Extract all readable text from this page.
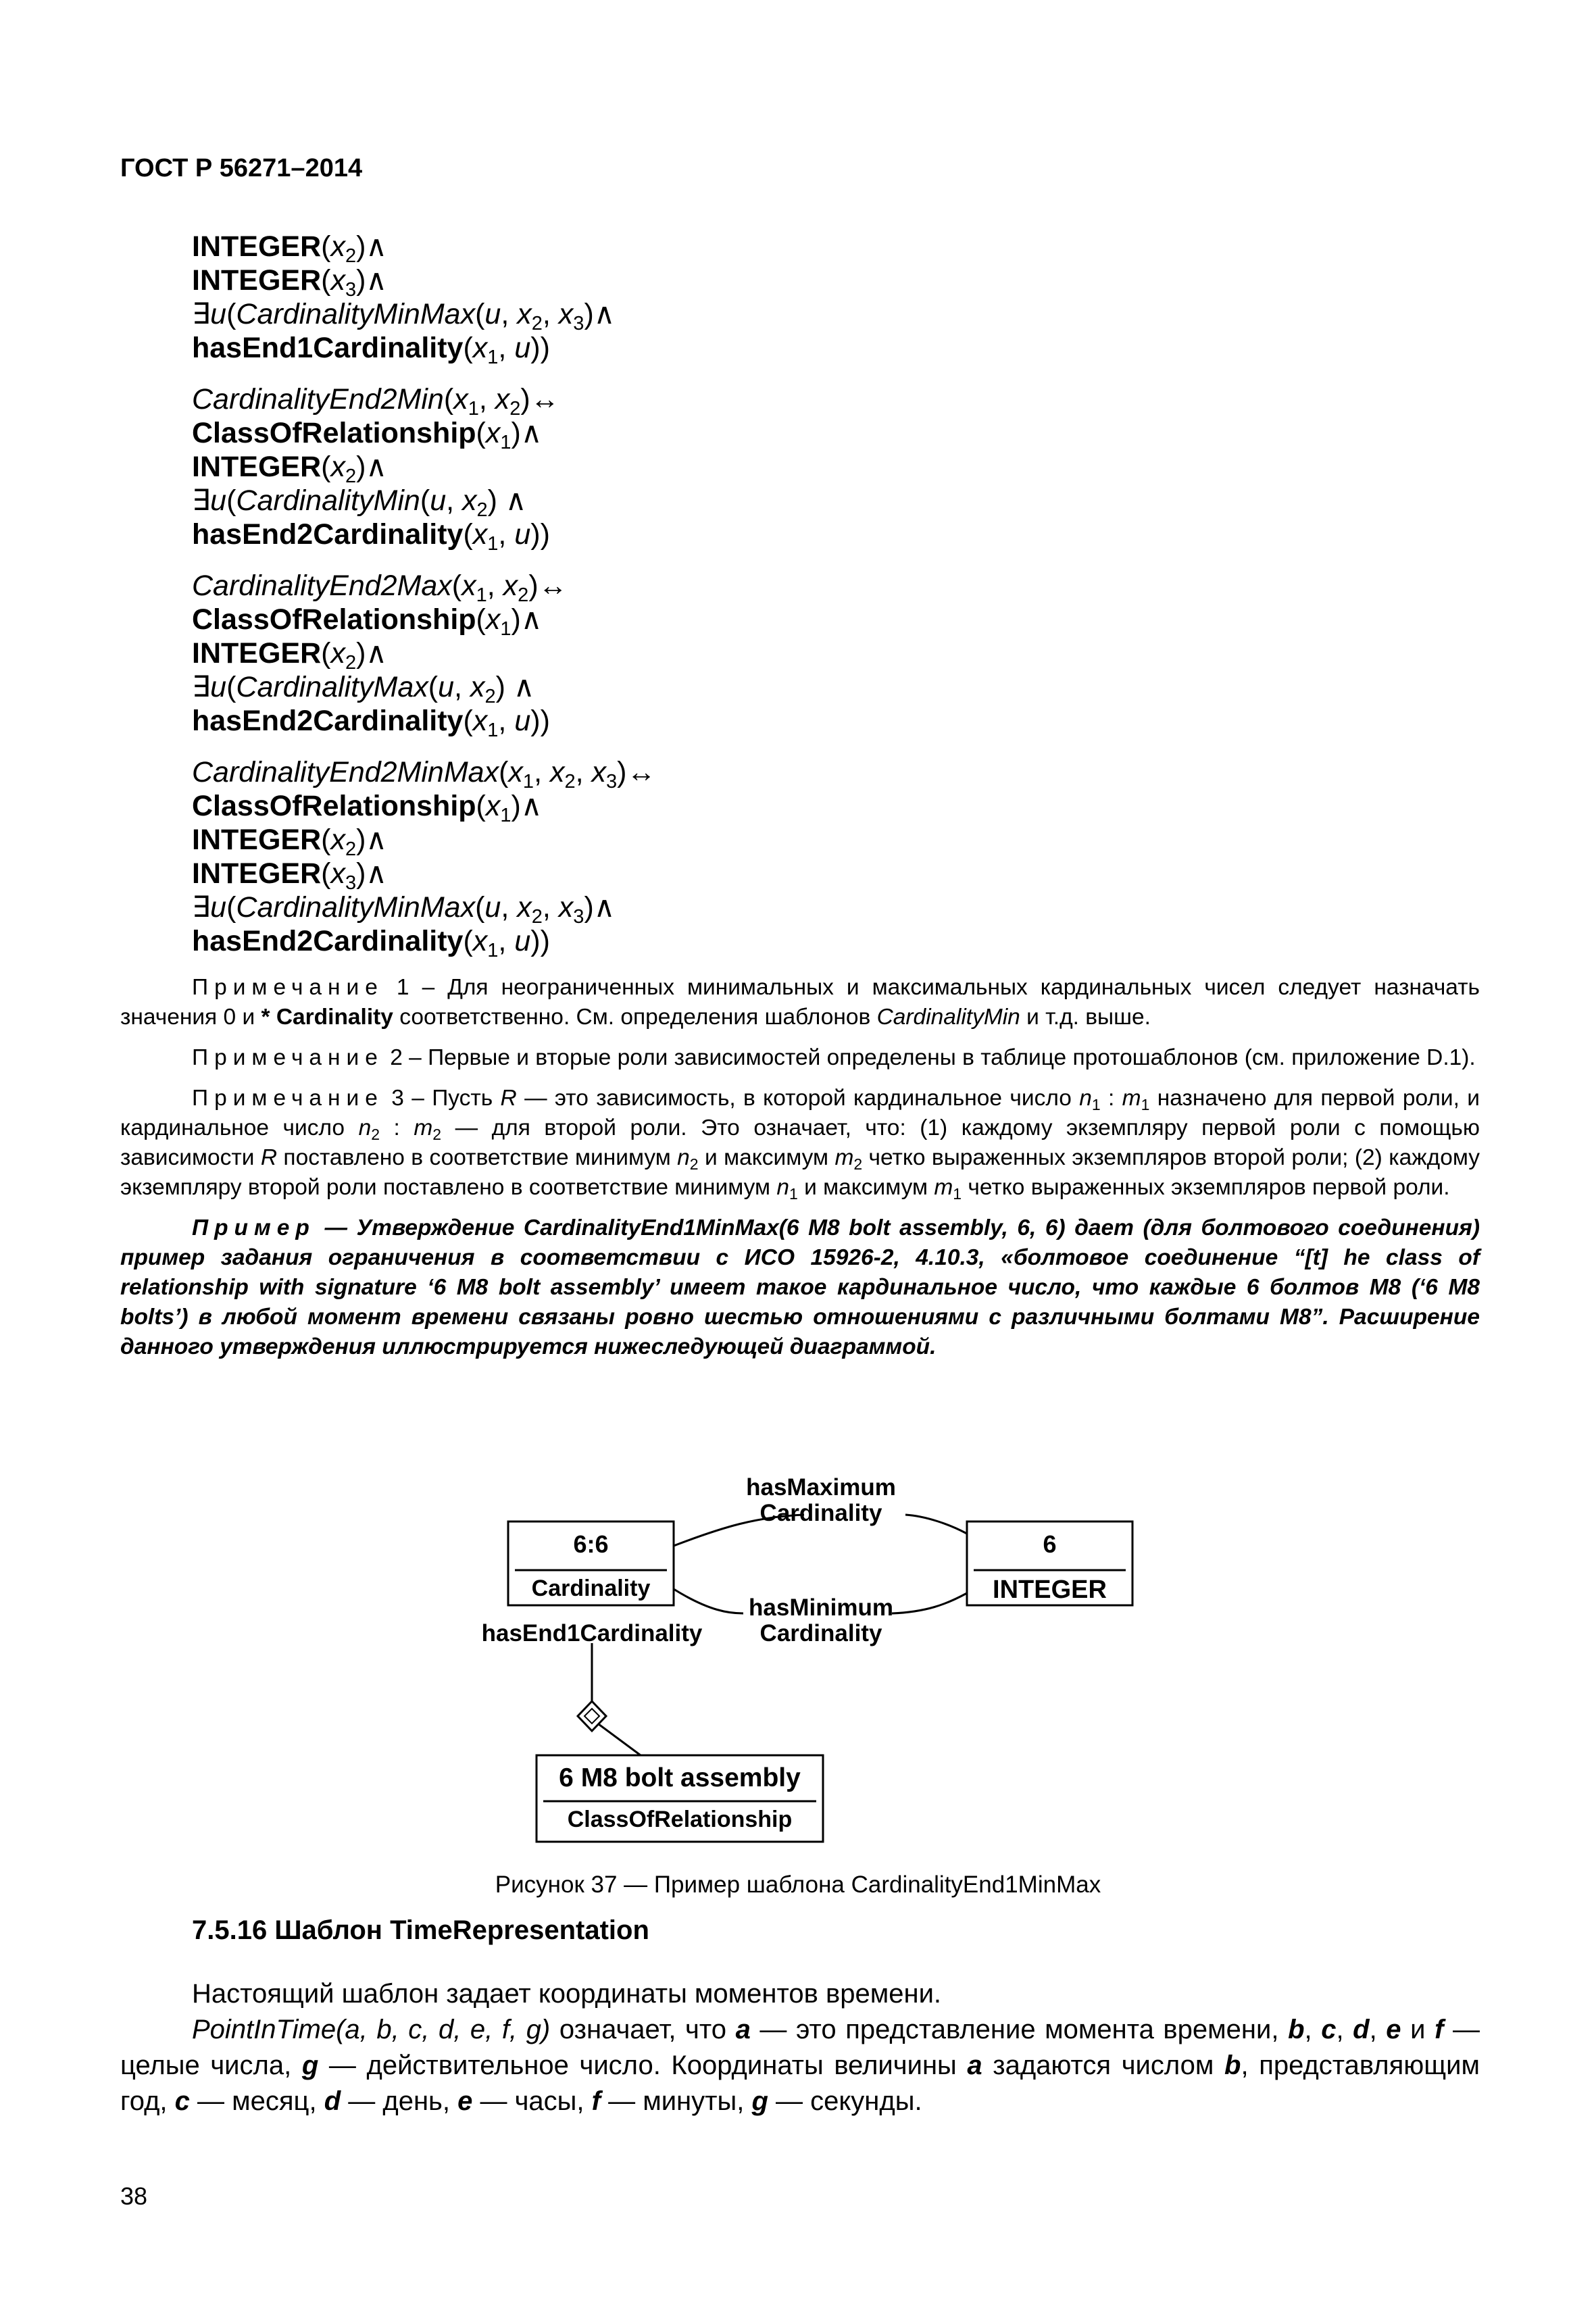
ГОСТ Р 56271–2014
$INTEGER(x_2)\wedge$
$INTEGER(x_3)\wedge$
∃u(CardinalityMinMax(u, $x_2$, $x_3)\wedge$
$hasEnd1Cardinality(x_1$, u))
$CardinalityEnd2Min(x_1$, $x_2)\leftrightarrow$
$ClassOfRelationship(x_1)\wedge$
$INTEGER(x_2)\wedge$
∃u(CardinalityMin(u, $x_2$) ∧
$hasEnd2Cardinality(x_1$, u))
$CardinalityEnd2Max(x_1$, $x_2)\leftrightarrow$
$ClassOfRelationship(x_1)\wedge$
$INTEGER(x_2)\wedge$
∃u(CardinalityMax(u, $x_2$) ∧
$hasEnd2Cardinality(x_1$, u))
$CardinalityEnd2MinMax(x_1$, $x_2$, $x_3)\leftrightarrow$
$ClassOfRelationship(x_1)\wedge$
$INTEGER(x_2)\wedge$
$INTEGER(x_3)\wedge$
∃u(CardinalityMinMax(u, $x_2$, $x_3)\wedge$
$hasEnd2Cardinality(x_1$, u))

Примечание 1 – Для неограниченных минимальных и максимальных кардинальных чисел следует назначать значения 0 и * Cardinality соответственно. См. определения шаблонов CardinalityMin и т.д. выше.

Примечание 2 – Первые и вторые роли зависимостей определены в таблице протошаблонов (см. приложение D.1).

Примечание 3 – Пусть R — это зависимость, в которой кардинальное число $n_1$ : $m_1$ назначено для первой роли, и кардинальное число $n_2$ : $m_2$ — для второй роли. Это означает, что: (1) каждому экземпляру первой роли с помощью зависимости R поставлено в соответствие минимум $n_2$ и максимум $m_2$ четко выраженных экземпляров второй роли; (2) каждому экземпляру второй роли поставлено в соответствие минимум $n_1$ и максимум $m_1$ четко выраженных экземпляров первой роли.

Пример — Утверждение CardinalityEnd1MinMax(6 M8 bolt assembly, 6, 6) дает (для болтового соединения) пример задания ограничения в соответствии с ИСО 15926-2, 4.10.3, «болтовое соединение “[t] he class of relationship with signature ‘6 M8 bolt assembly’ имеет такое кардинальное число, что каждые 6 болтов M8 (‘6 M8 bolts’) в любой момент времени связаны ровно шестью отношениями с различными болтами M8”. Расширение данного утверждения иллюстрируется нижеследующей диаграммой.

6:6
Cardinality
6
INTEGER
hasMaximum
Cardinality
hasMinimum
Cardinality
hasEnd1Cardinality
6 M8 bolt assembly
ClassOfRelationship
Рисунок 37 — Пример шаблона CardinalityEnd1MinMax
7.5.16 Шаблон TimeRepresentation

Настоящий шаблон задает координаты моментов времени.

PointInTime(a, b, c, d, e, f, g) означает, что a — это представление момента времени, b, c, d, e и f — целые числа, g — действительное число. Координаты величины a задаются числом b, представляющим год, c — месяц, d — день, e — часы, f — минуты, g — секунды.

38
